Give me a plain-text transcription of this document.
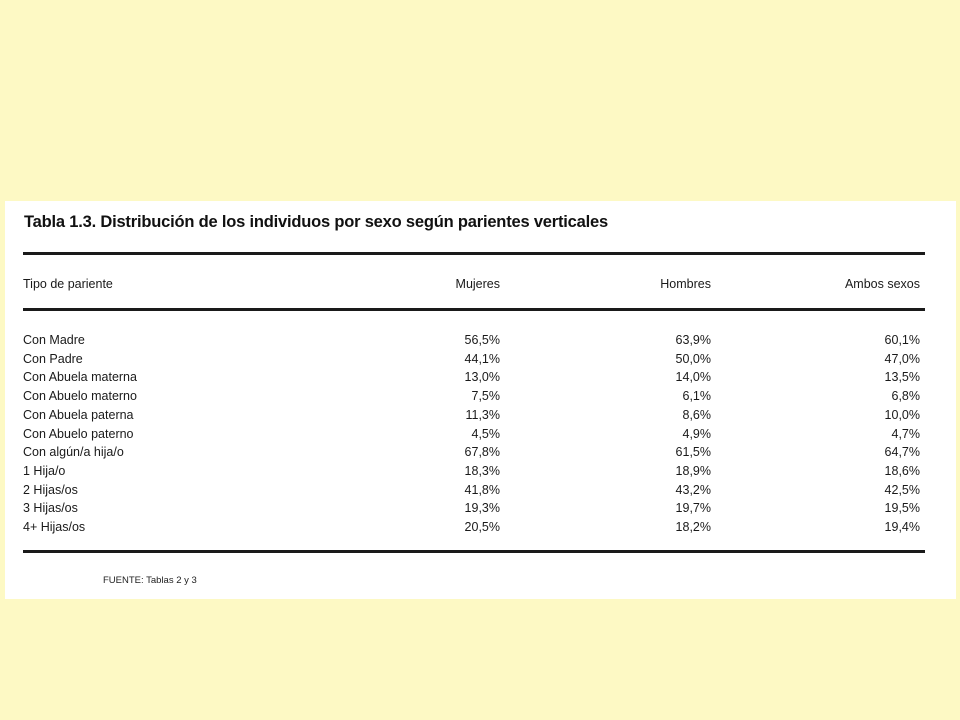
Tabla 1.3. Distribución de los individuos por sexo según parientes verticales
Tipo de pariente	Mujeres	Hombres	Ambos sexos
Con Madre	56,5%	63,9%	60,1%
Con Padre	44,1%	50,0%	47,0%
Con Abuela materna	13,0%	14,0%	13,5%
Con Abuelo materno	7,5%	6,1%	6,8%
Con Abuela paterna	11,3%	8,6%	10,0%
Con Abuelo paterno	4,5%	4,9%	4,7%
Con algún/a hija/o	67,8%	61,5%	64,7%
1 Hija/o	18,3%	18,9%	18,6%
2 Hijas/os	41,8%	43,2%	42,5%
3 Hijas/os	19,3%	19,7%	19,5%
4+ Hijas/os	20,5%	18,2%	19,4%
FUENTE: Tablas 2 y 3
